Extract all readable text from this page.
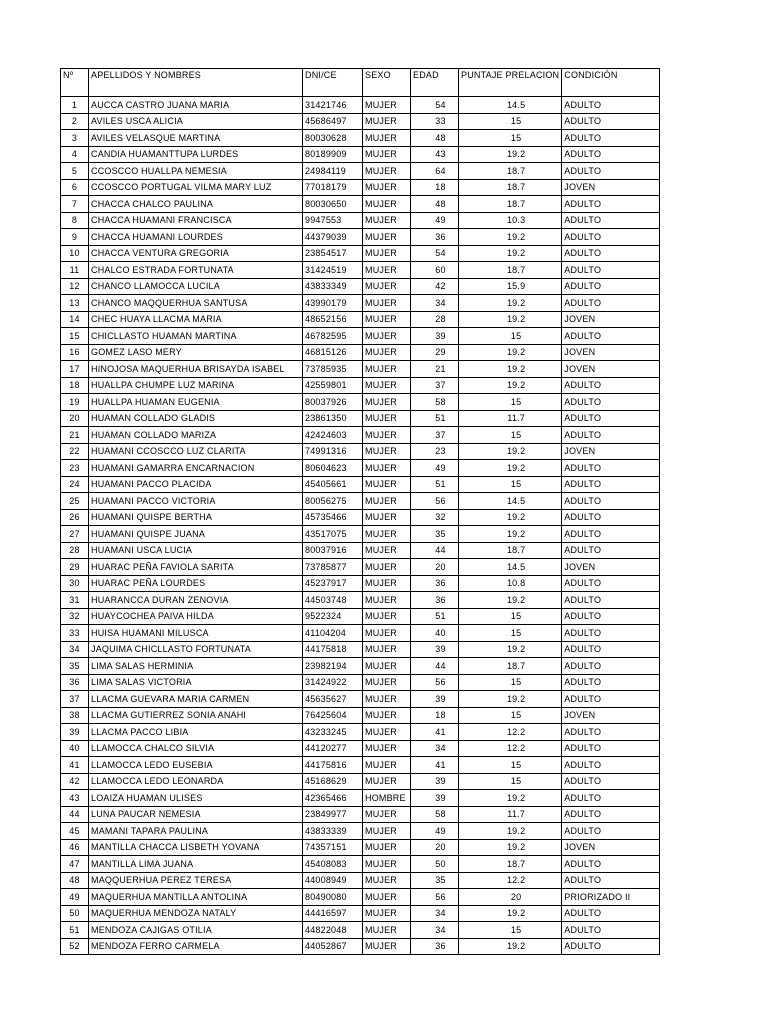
Nº	APELLIDOS Y NOMBRES	DNI/CE	SEXO	EDAD	PUNTAJE PRELACION	CONDICIÓN
1	AUCCA CASTRO JUANA MARIA	31421746	MUJER	54	14.5	ADULTO
2	AVILES USCA ALICIA	45686497	MUJER	33	15	ADULTO
3	AVILES VELASQUE MARTINA	80030628	MUJER	48	15	ADULTO
4	CANDIA HUAMANTTUPA LURDES	80189909	MUJER	43	19.2	ADULTO
5	CCOSCCO HUALLPA NEMESIA	24984119	MUJER	64	18.7	ADULTO
6	CCOSCCO PORTUGAL VILMA MARY LUZ	77018179	MUJER	18	18.7	JOVEN
7	CHACCA CHALCO PAULINA	80030650	MUJER	48	18.7	ADULTO
8	CHACCA HUAMANI FRANCISCA	9947553	MUJER	49	10.3	ADULTO
9	CHACCA HUAMANI LOURDES	44379039	MUJER	36	19.2	ADULTO
10	CHACCA VENTURA GREGORIA	23854517	MUJER	54	19.2	ADULTO
11	CHALCO ESTRADA FORTUNATA	31424519	MUJER	60	18.7	ADULTO
12	CHANCO LLAMOCCA LUCILA	43833349	MUJER	42	15.9	ADULTO
13	CHANCO MAQQUERHUA SANTUSA	43990179	MUJER	34	19.2	ADULTO
14	CHEC HUAYA LLACMA MARIA	48652156	MUJER	28	19.2	JOVEN
15	CHICLLASTO HUAMAN MARTINA	46782595	MUJER	39	15	ADULTO
16	GOMEZ LASO MERY	46815126	MUJER	29	19.2	JOVEN
17	HINOJOSA MAQUERHUA BRISAYDA ISABEL	73785935	MUJER	21	19.2	JOVEN
18	HUALLPA CHUMPE LUZ MARINA	42559801	MUJER	37	19.2	ADULTO
19	HUALLPA HUAMAN EUGENIA	80037926	MUJER	58	15	ADULTO
20	HUAMAN COLLADO GLADIS	23861350	MUJER	51	11.7	ADULTO
21	HUAMAN COLLADO MARIZA	42424603	MUJER	37	15	ADULTO
22	HUAMANI CCOSCCO LUZ CLARITA	74991316	MUJER	23	19.2	JOVEN
23	HUAMANI GAMARRA ENCARNACION	80604623	MUJER	49	19.2	ADULTO
24	HUAMANI PACCO PLACIDA	45405661	MUJER	51	15	ADULTO
25	HUAMANI PACCO VICTORIA	80056275	MUJER	56	14.5	ADULTO
26	HUAMANI QUISPE BERTHA	45735466	MUJER	32	19.2	ADULTO
27	HUAMANI QUISPE JUANA	43517075	MUJER	35	19.2	ADULTO
28	HUAMANI USCA LUCIA	80037916	MUJER	44	18.7	ADULTO
29	HUARAC PEÑA FAVIOLA SARITA	73785877	MUJER	20	14.5	JOVEN
30	HUARAC PEÑA LOURDES	45237917	MUJER	36	10.8	ADULTO
31	HUARANCCA DURAN ZENOVIA	44503748	MUJER	36	19.2	ADULTO
32	HUAYCOCHEA PAIVA HILDA	9522324	MUJER	51	15	ADULTO
33	HUISA HUAMANI MILUSCA	41104204	MUJER	40	15	ADULTO
34	JAQUIMA CHICLLASTO FORTUNATA	44175818	MUJER	39	19.2	ADULTO
35	LIMA SALAS HERMINIA	23982194	MUJER	44	18.7	ADULTO
36	LIMA SALAS VICTORIA	31424922	MUJER	56	15	ADULTO
37	LLACMA GUEVARA MARIA CARMEN	45635627	MUJER	39	19.2	ADULTO
38	LLACMA GUTIERREZ SONIA ANAHI	76425604	MUJER	18	15	JOVEN
39	LLACMA PACCO LIBIA	43233245	MUJER	41	12.2	ADULTO
40	LLAMOCCA CHALCO SILVIA	44120277	MUJER	34	12.2	ADULTO
41	LLAMOCCA LEDO EUSEBIA	44175816	MUJER	41	15	ADULTO
42	LLAMOCCA LEDO LEONARDA	45168629	MUJER	39	15	ADULTO
43	LOAIZA HUAMAN ULISES	42365466	HOMBRE	39	19.2	ADULTO
44	LUNA PAUCAR NEMESIA	23849977	MUJER	58	11.7	ADULTO
45	MAMANI TAPARA PAULINA	43833339	MUJER	49	19.2	ADULTO
46	MANTILLA CHACCA LISBETH YOVANA	74357151	MUJER	20	19.2	JOVEN
47	MANTILLA LIMA JUANA	45408083	MUJER	50	18.7	ADULTO
48	MAQQUERHUA PEREZ TERESA	44008949	MUJER	35	12.2	ADULTO
49	MAQUERHUA MANTILLA ANTOLINA	80490080	MUJER	56	20	PRIORIZADO II
50	MAQUERHUA MENDOZA NATALY	44416597	MUJER	34	19.2	ADULTO
51	MENDOZA CAJIGAS OTILIA	44822048	MUJER	34	15	ADULTO
52	MENDOZA FERRO CARMELA	44052867	MUJER	36	19.2	ADULTO
